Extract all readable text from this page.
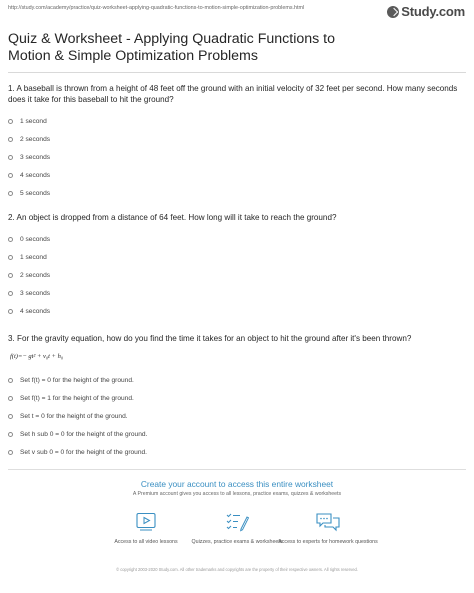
http://study.com/academy/practice/quiz-worksheet-applying-quadratic-functions-to-motion-simple-optimization-problems.html	Study.com
Quiz & Worksheet - Applying Quadratic Functions to Motion & Simple Optimization Problems
1. A baseball is thrown from a height of 48 feet off the ground with an initial velocity of 32 feet per second. How many seconds does it take for this baseball to hit the ground?
1 second
2 seconds
3 seconds
4 seconds
5 seconds
2. An object is dropped from a distance of 64 feet. How long will it take to reach the ground?
0 seconds
1 second
2 seconds
3 seconds
4 seconds
3. For the gravity equation, how do you find the time it takes for an object to hit the ground after it's been thrown?
f(t)=− gt² + v₀t + h₀
Set f(t) = 0 for the height of the ground.
Set f(t) = 1 for the height of the ground.
Set t = 0 for the height of the ground.
Set h sub 0 = 0 for the height of the ground.
Set v sub 0 = 0 for the height of the ground.
Create your account to access this entire worksheet
A Premium account gives you access to all lessons, practice exams, quizzes & worksheets
Access to all video lessons	Quizzes, practice exams & worksheets
Access to experts for homework questions
© copyright 2003-2020 Study.com. All other trademarks and copyrights are the property of their respective owners. All rights reserved.
